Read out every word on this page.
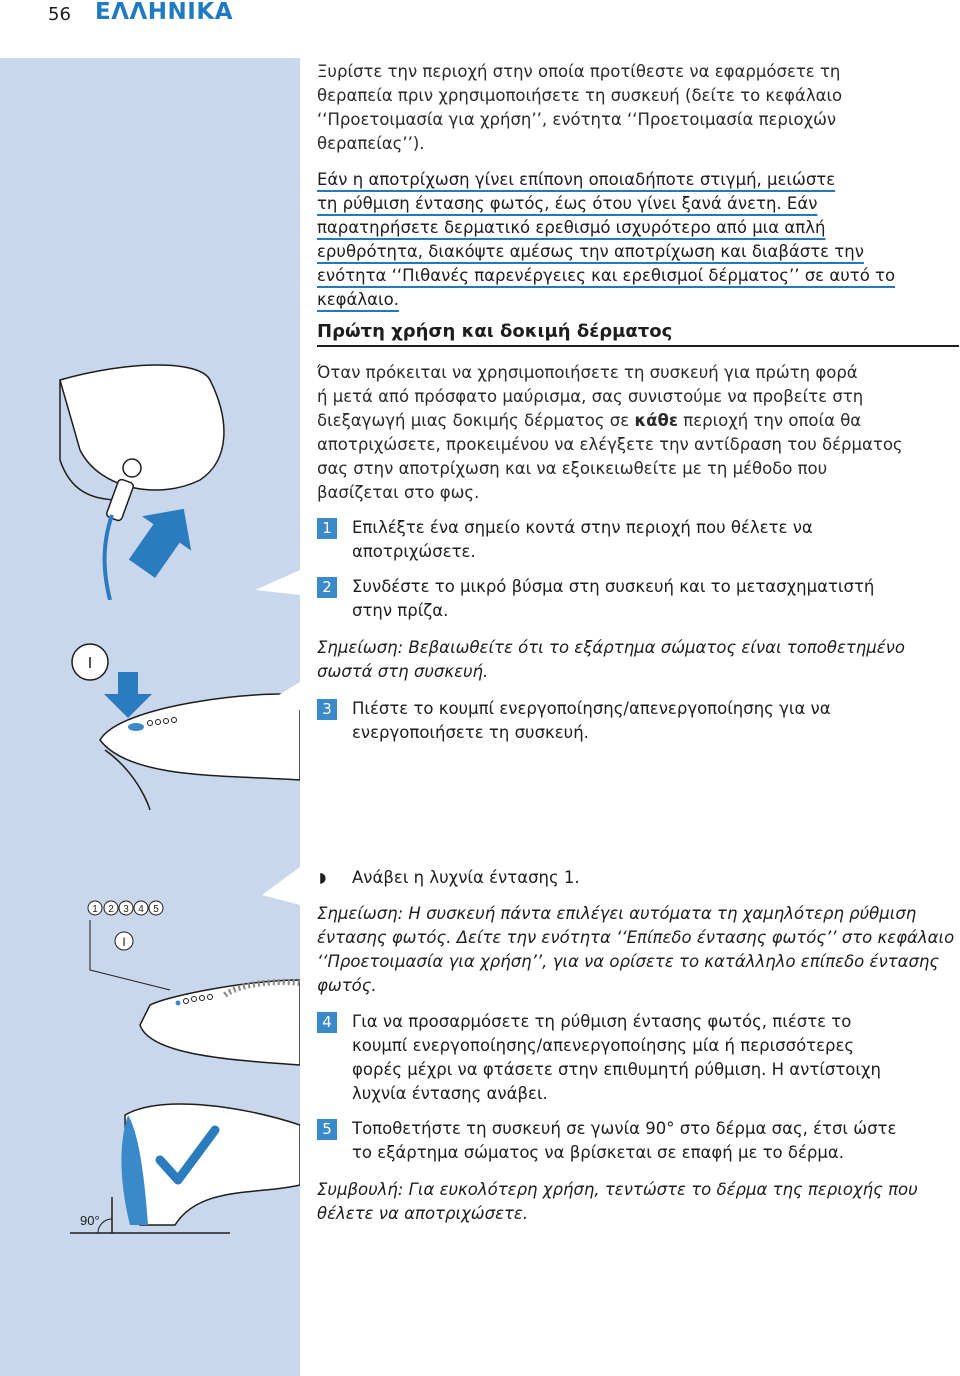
56 ΕΛΛΗΝΙΚΑ

Ξυρίστε την περιοχή στην οποία προτίθεστε να εφαρμόσετε τη

θεραπεία πριν χρησιμοποιήσετε τη συσκευή (δείτε το κεφάλαιο

‘‘Προετοιμασία για χρήση’’, ενότητα ‘‘Προετοιμασία περιοχών

θεραπείας’’).

Εάν η αποτρίχωση γίνει επίπονη οποιαδήποτε στιγμή, μειώστε

τη ρύθμιση έντασης φωτός, έως ότου γίνει ξανά άνετη. Εάν

παρατηρήσετε δερματικό ερεθισμό ισχυρότερο από μια απλή

ερυθρότητα, διακόψτε αμέσως την αποτρίχωση και διαβάστε την

ενότητα ‘‘Πιθανές παρενέργειες και ερεθισμοί δέρματος’’ σε αυτό το

κεφάλαιο.

Πρώτη χρήση και δοκιμή δέρματος

Όταν πρόκειται να χρησιμοποιήσετε τη συσκευή για πρώτη φορά

ή μετά από πρόσφατο μαύρισμα, σας συνιστούμε να προβείτε στη

διεξαγωγή μιας δοκιμής δέρματος σε κάθε περιοχή την οποία θα

αποτριχώσετε, προκειμένου να ελέγξετε την αντίδραση του δέρματος

σας στην αποτρίχωση και να εξοικειωθείτε με τη μέθοδο που

βασίζεται στο φως.

1	Επιλέξτε ένα σημείο κοντά στην περιοχή που θέλετε να
αποτριχώσετε.
2	Συνδέστε το μικρό βύσμα στη συσκευή και το μετασχηματιστή
στην πρίζα.

Σημείωση: Βεβαιωθείτε ότι το εξάρτημα σώματος είναι τοποθετημένο

σωστά στη συσκευή.

3	Πιέστε το κουμπί ενεργοποίησης/απενεργοποίησης για να
ενεργοποιήσετε τη συσκευή.
◗ Ανάβει η λυχνία έντασης 1.

Σημείωση: Η συσκευή πάντα επιλέγει αυτόματα τη χαμηλότερη ρύθμιση

έντασης φωτός. Δείτε την ενότητα ‘‘Επίπεδο έντασης φωτός’’ στο κεφάλαιο

‘‘Προετοιμασία για χρήση’’, για να ορίσετε το κατάλληλο επίπεδο έντασης

φωτός.

4	Για να προσαρμόσετε τη ρύθμιση έντασης φωτός, πιέστε το
κουμπί ενεργοποίησης/απενεργοποίησης μία ή περισσότερες
φορές μέχρι να φτάσετε στην επιθυμητή ρύθμιση. Η αντίστοιχη
λυχνία έντασης ανάβει.
5	Τοποθετήστε τη συσκευή σε γωνία 90° στο δέρμα σας, έτσι ώστε
το εξάρτημα σώματος να βρίσκεται σε επαφή με το δέρμα.

Συμβουλή: Για ευκολότερη χρήση, τεντώστε το δέρμα της περιοχής που

θέλετε να αποτριχώσετε.

I
1 2 3 4 5
I
90°
